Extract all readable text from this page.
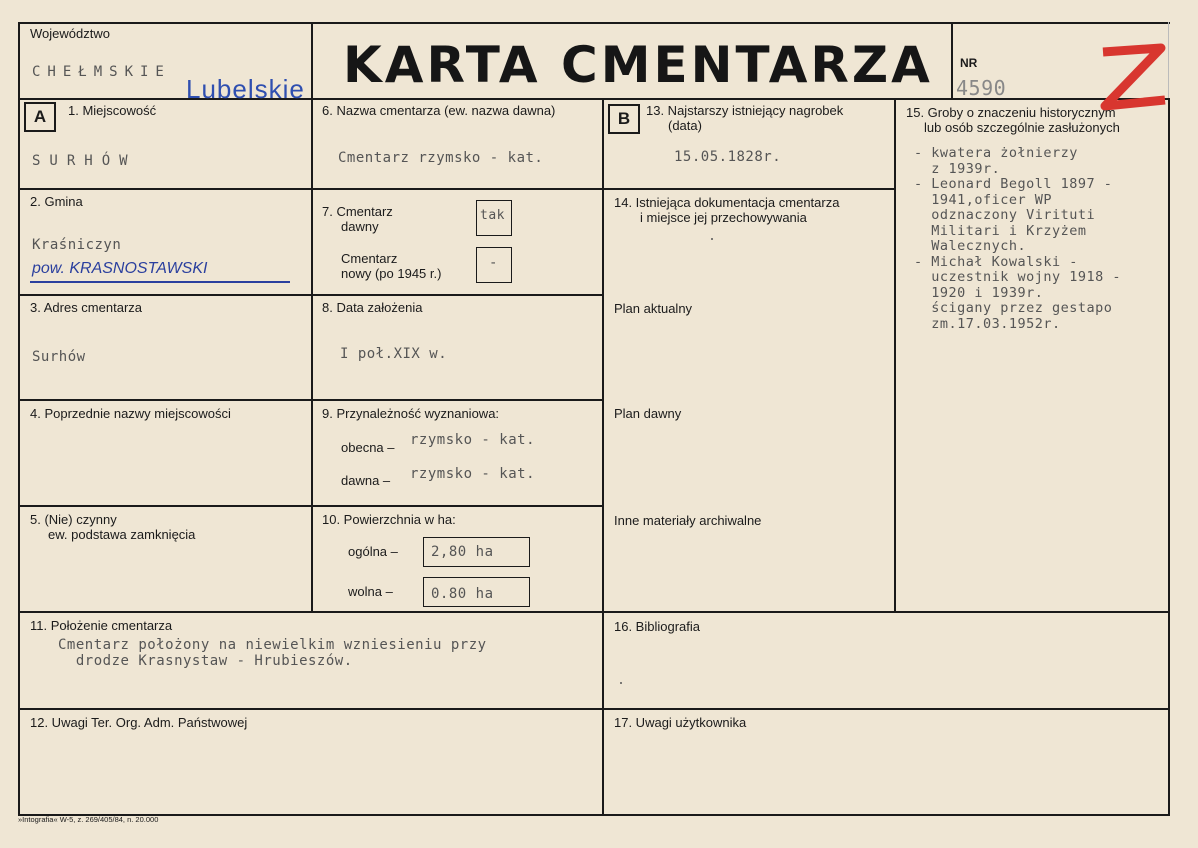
Województwo
CHEŁMSKIE
Lubelskie KARTA CMENTARZA NR
4590
A	1. Miejscowość
SURHÓW
2. Gmina
Kraśniczyn
pow. KRASNOSTAWSKI
3. Adres cmentarza
Surhów
4. Poprzednie nazwy miejscowości
5. (Nie) czynny
ew. podstawa zamknięcia
6. Nazwa cmentarza (ew. nazwa dawna)
Cmentarz rzymsko - kat.
7. Cmentarz
dawny
tak
Cmentarz
nowy (po 1945 r.)
-
8. Data założenia
I poł.XIX w.
9. Przynależność wyznaniowa:
obecna – rzymsko - kat.
dawna – rzymsko - kat.
10. Powierzchnia w ha:
ogólna – 2,80 ha
wolna –	0.80 ha
B	13. Najstarszy istniejący nagrobek
(data)
15.05.1828r.
14. Istniejąca dokumentacja cmentarza
i miejsce jej przechowywania
Plan aktualny
Plan dawny
Inne materiały archiwalne
15. Groby o znaczeniu historycznym
lub osób szczególnie zasłużonych
- kwatera żołnierzy
z 1939r.
- Leonard Begoll 1897 -
1941,oficer WP
odznaczony Virituti
Militari i Krzyżem
Walecznych.
- Michał Kowalski -
uczestnik wojny 1918 -
1920 i 1939r.
ścigany przez gestapo
zm.17.03.1952r.
11. Położenie cmentarza
Cmentarz położony na niewielkim wzniesieniu przy
drodze Krasnystaw - Hrubieszów.
12. Uwagi Ter. Org. Adm. Państwowej
16. Bibliografia
17. Uwagi użytkownika
»Intografia« W-5, z. 269/405/84, n. 20.000
